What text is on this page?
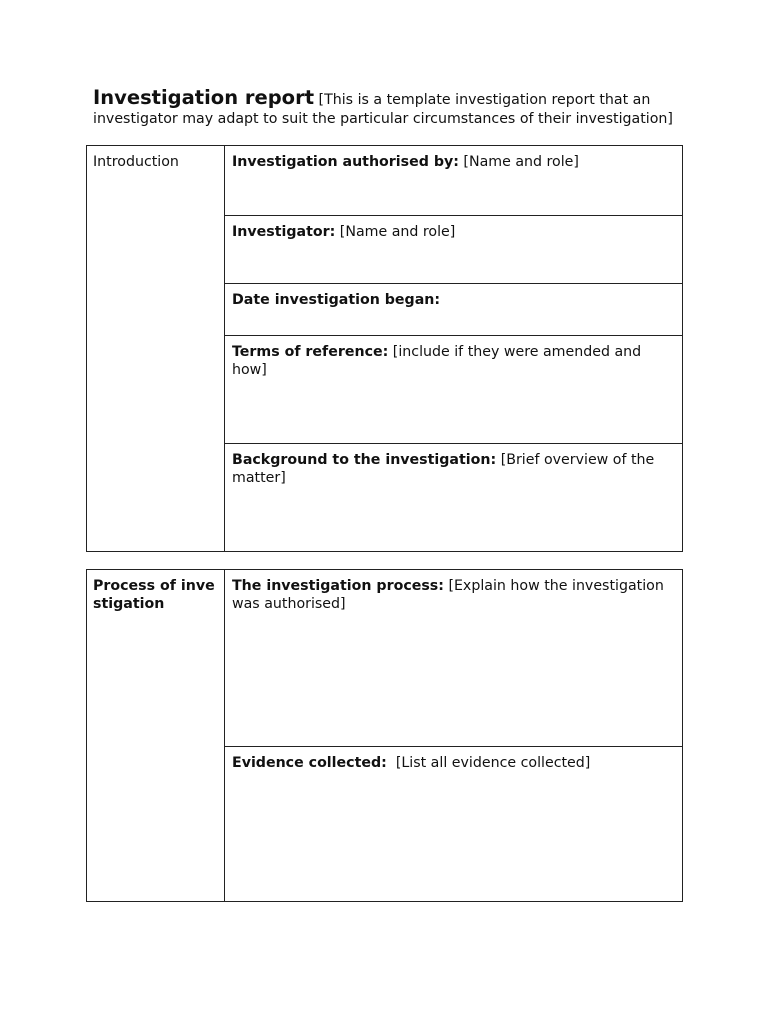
Investigation report [This is a template investigation report that an investigator may adapt to suit the particular circumstances of their investigation]
Introduction	Investigation authorised by: [Name and role]
Investigator: [Name and role]
Date investigation began:
Terms of reference: [include if they were amended and how]
Background to the investigation: [Brief overview of the matter]
Process of investigation	The investigation process: [Explain how the investigation was authorised]
Evidence collected:  [List all evidence collected]
